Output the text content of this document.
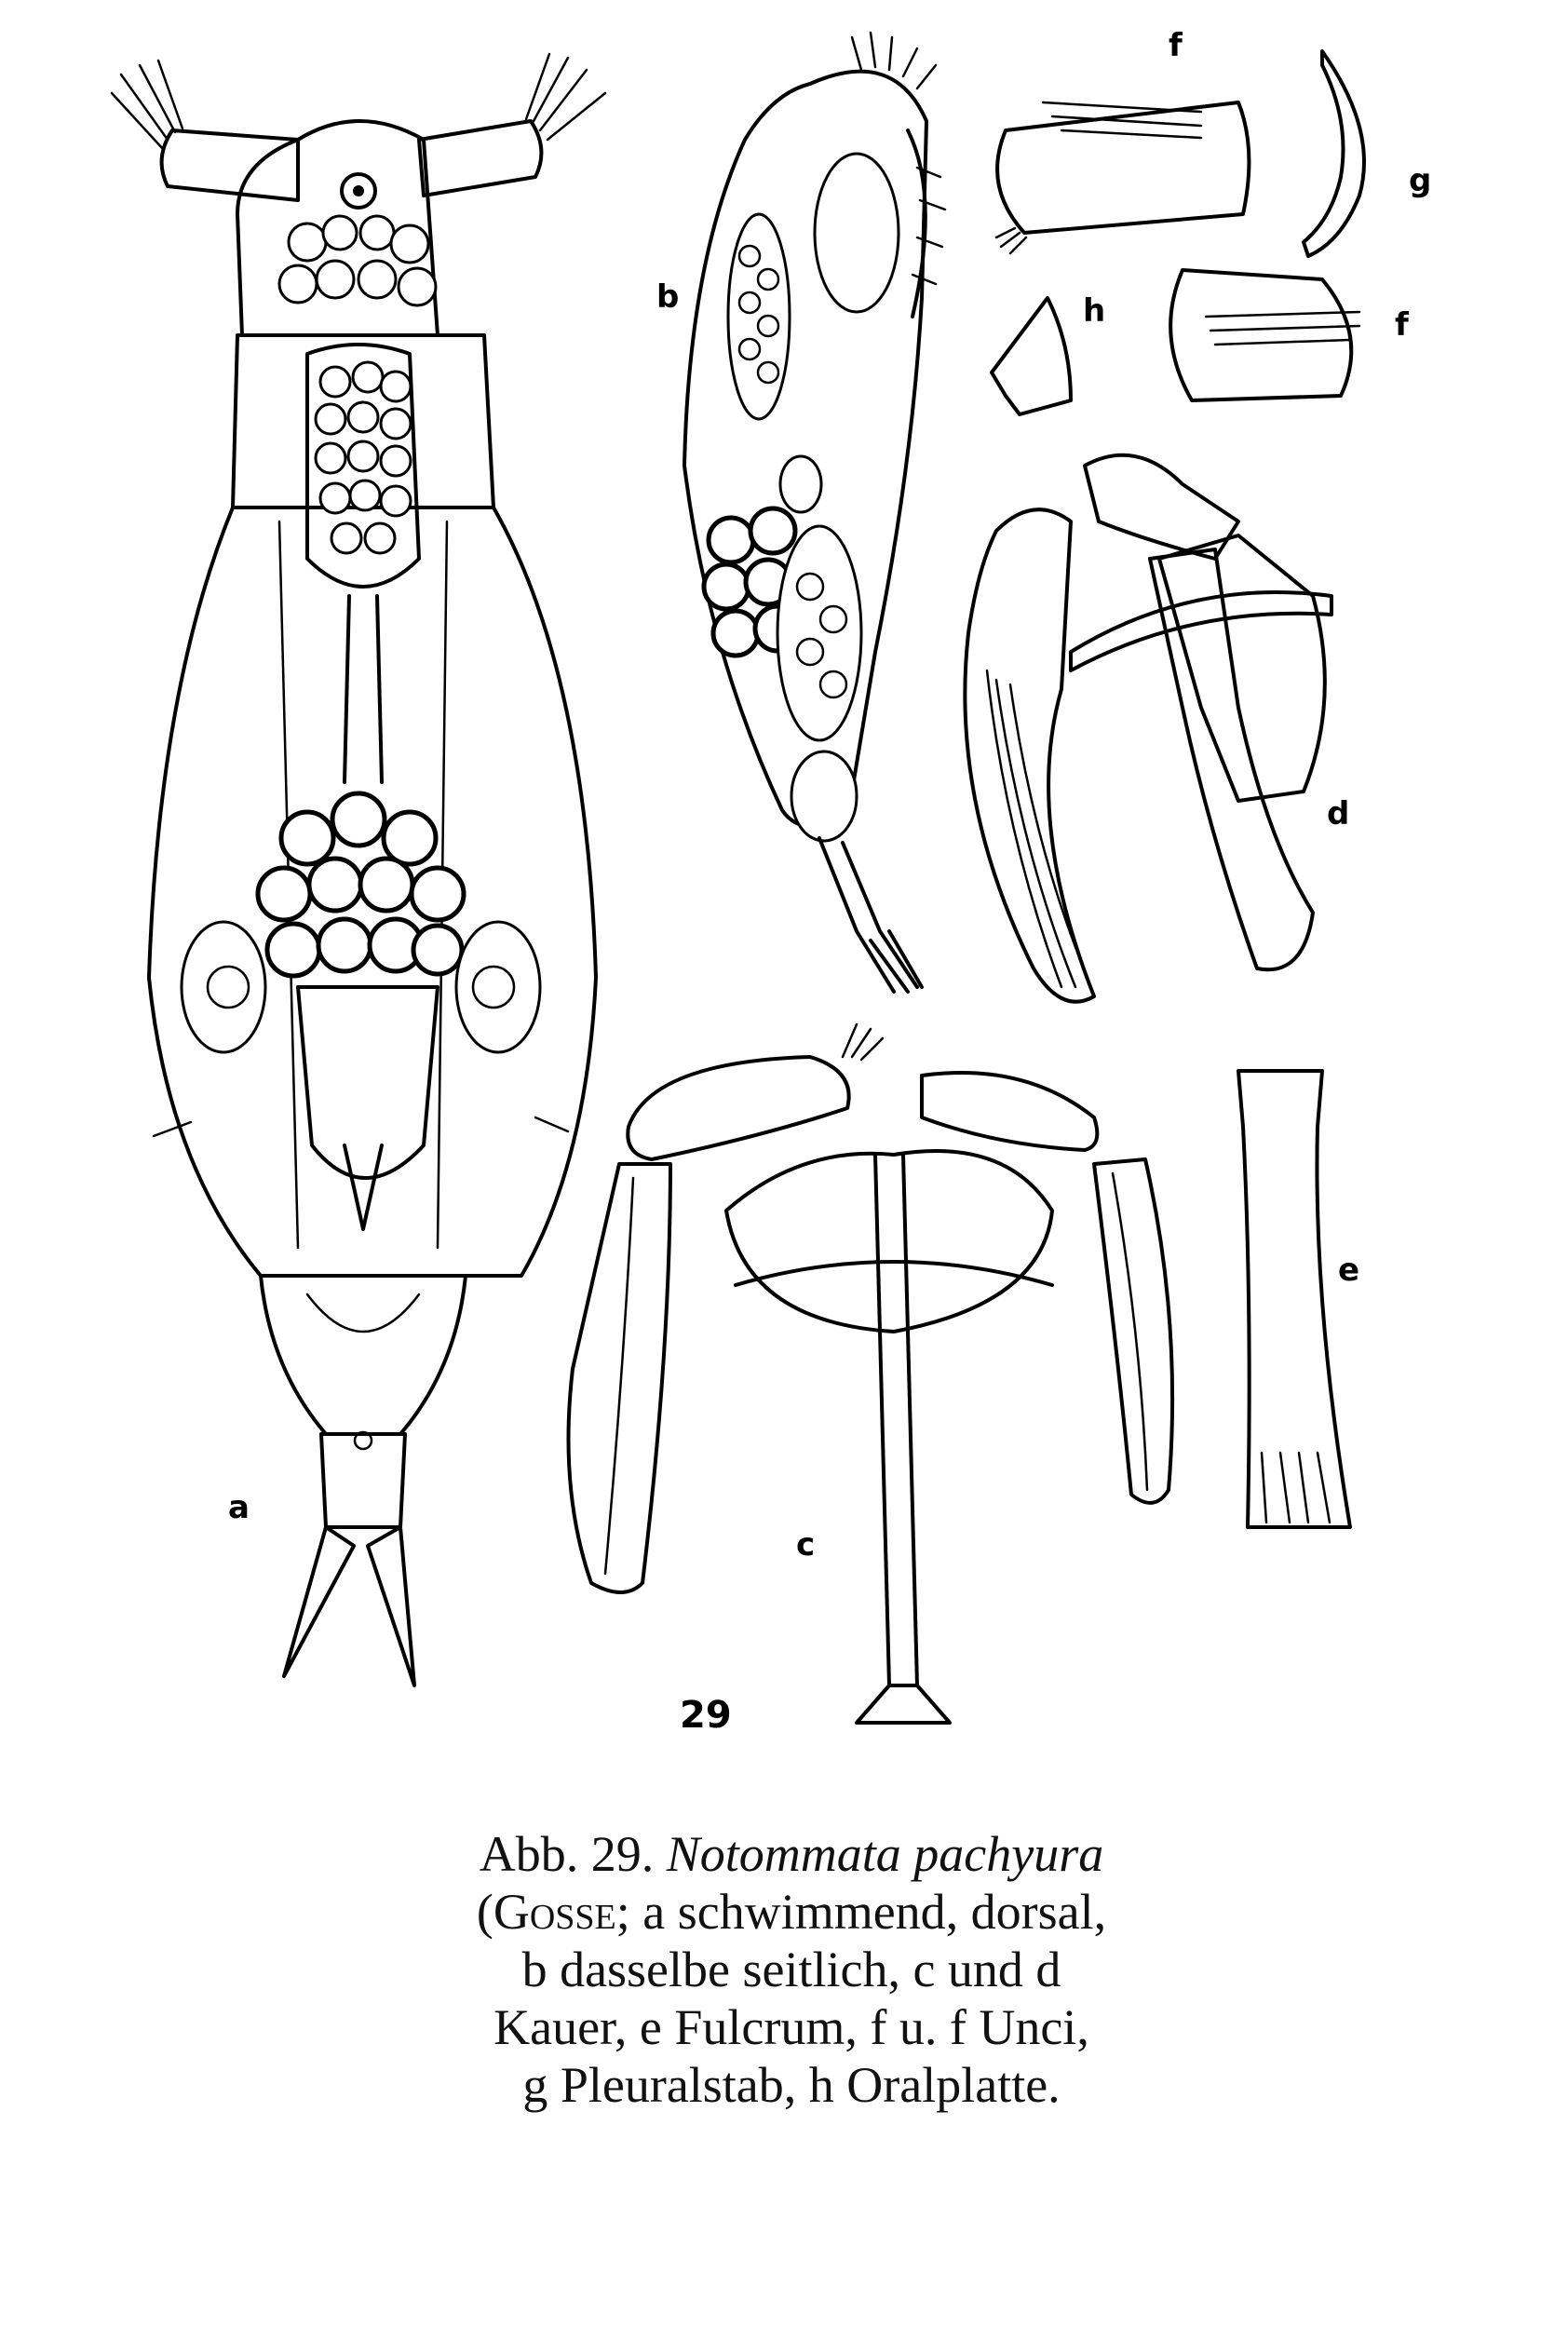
a
b
c
d
e
f
f
g
h
29
Abb. 29. Notommata pachyura
(Gosse; a schwimmend, dorsal,
b dasselbe seitlich, c und d
Kauer, e Fulcrum, f u. f Unci,
g Pleuralstab, h Oralplatte.
